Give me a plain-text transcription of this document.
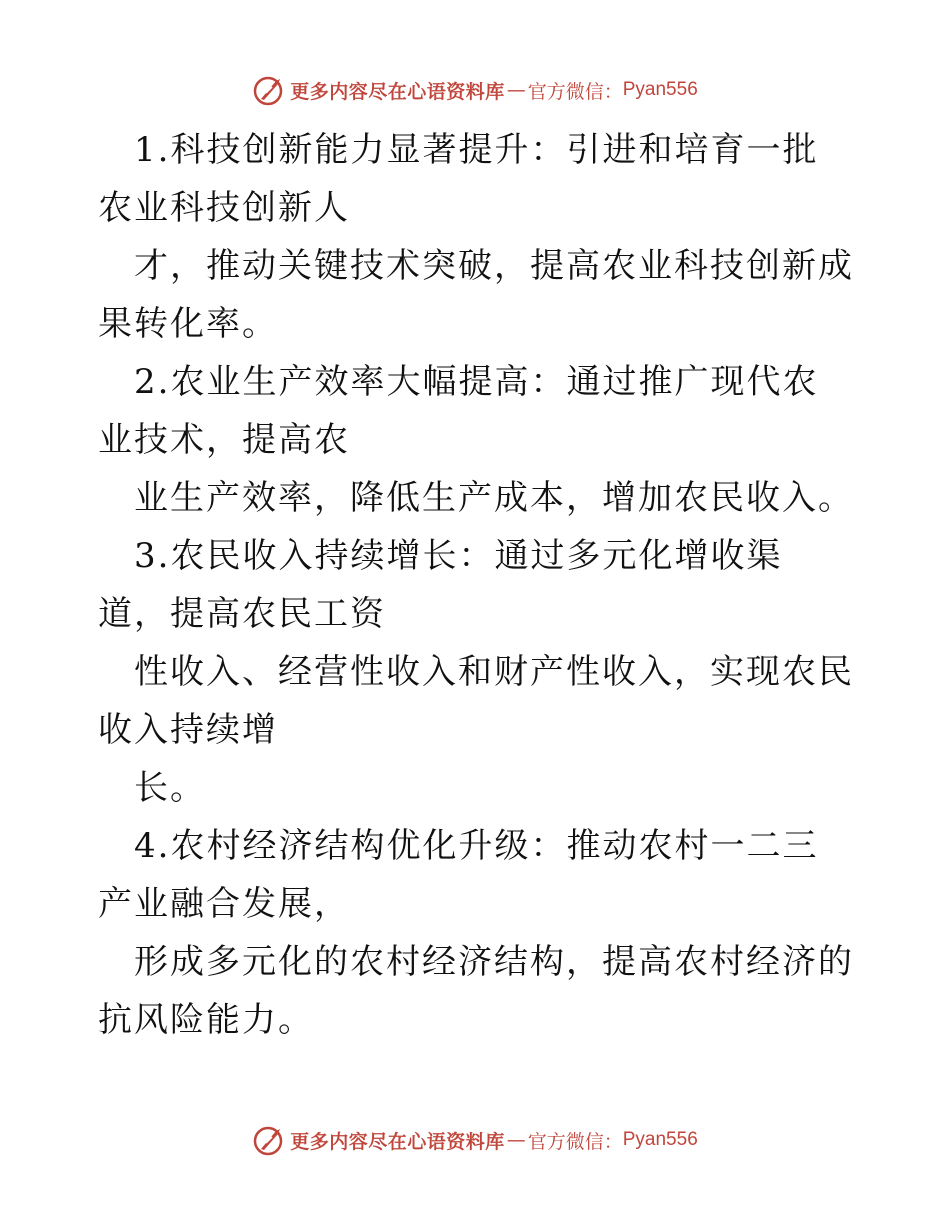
更多内容尽在心语资料库 — 官方微信： Pyan556

1.科技创新能力显著提升：引进和培育一批农业科技创新人

才，推动关键技术突破，提高农业科技创新成果转化率。

2.农业生产效率大幅提高：通过推广现代农业技术，提高农

业生产效率，降低生产成本，增加农民收入。

3.农民收入持续增长：通过多元化增收渠道，提高农民工资

性收入、经营性收入和财产性收入，实现农民收入持续增

长。

4.农村经济结构优化升级：推动农村一二三产业融合发展，

形成多元化的农村经济结构，提高农村经济的抗风险能力。

更多内容尽在心语资料库 — 官方微信： Pyan556
